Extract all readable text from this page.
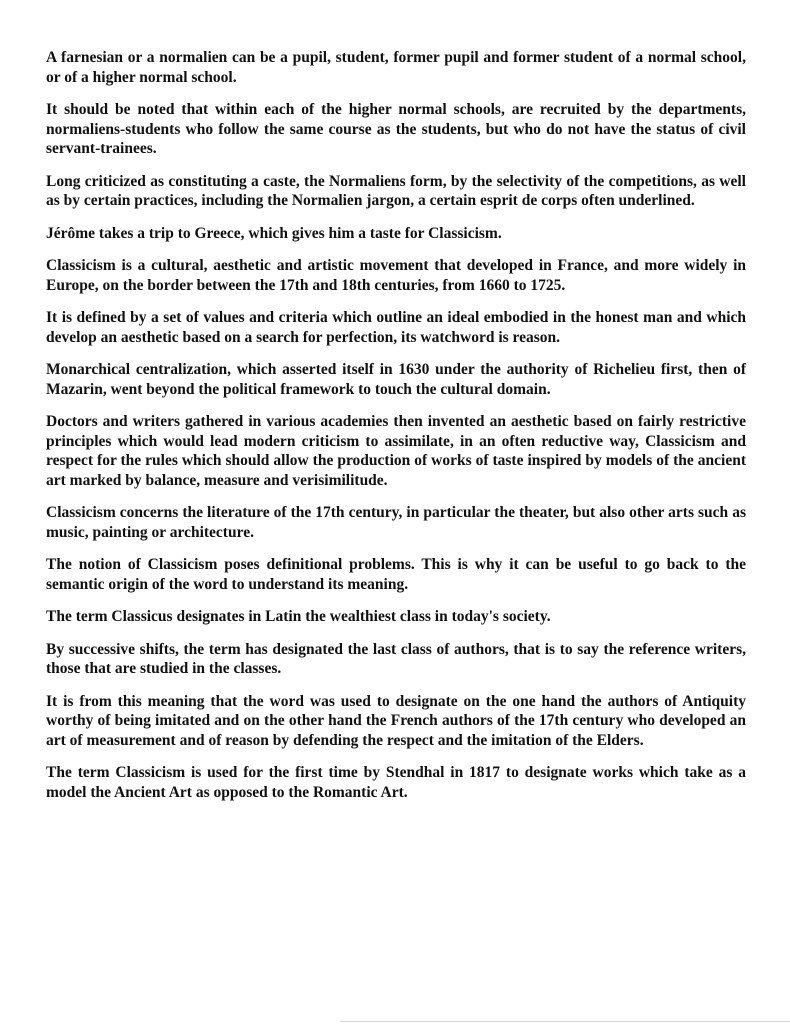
A farnesian or a normalien can be a pupil, student, former pupil and former student of a normal school, or of a higher normal school.

It should be noted that within each of the higher normal schools, are recruited by the departments, normaliens-students who follow the same course as the students, but who do not have the status of civil servant-trainees.

Long criticized as constituting a caste, the Normaliens form, by the selectivity of the competitions, as well as by certain practices, including the Normalien jargon, a certain esprit de corps often underlined.

Jérôme takes a trip to Greece, which gives him a taste for Classicism.

Classicism is a cultural, aesthetic and artistic movement that developed in France, and more widely in Europe, on the border between the 17th and 18th centuries, from 1660 to 1725.

It is defined by a set of values and criteria which outline an ideal embodied in the honest man and which develop an aesthetic based on a search for perfection, its watchword is reason.

Monarchical centralization, which asserted itself in 1630 under the authority of Richelieu first, then of Mazarin, went beyond the political framework to touch the cultural domain.

Doctors and writers gathered in various academies then invented an aesthetic based on fairly restrictive principles which would lead modern criticism to assimilate, in an often reductive way, Classicism and respect for the rules which should allow the production of works of taste inspired by models of the ancient art marked by balance, measure and verisimilitude.

Classicism concerns the literature of the 17th century, in particular the theater, but also other arts such as music, painting or architecture.

The notion of Classicism poses definitional problems. This is why it can be useful to go back to the semantic origin of the word to understand its meaning.

The term Classicus designates in Latin the wealthiest class in today's society.

By successive shifts, the term has designated the last class of authors, that is to say the reference writers, those that are studied in the classes.

It is from this meaning that the word was used to designate on the one hand the authors of Antiquity worthy of being imitated and on the other hand the French authors of the 17th century who developed an art of measurement and of reason by defending the respect and the imitation of the Elders.

The term Classicism is used for the first time by Stendhal in 1817 to designate works which take as a model the Ancient Art as opposed to the Romantic Art.
